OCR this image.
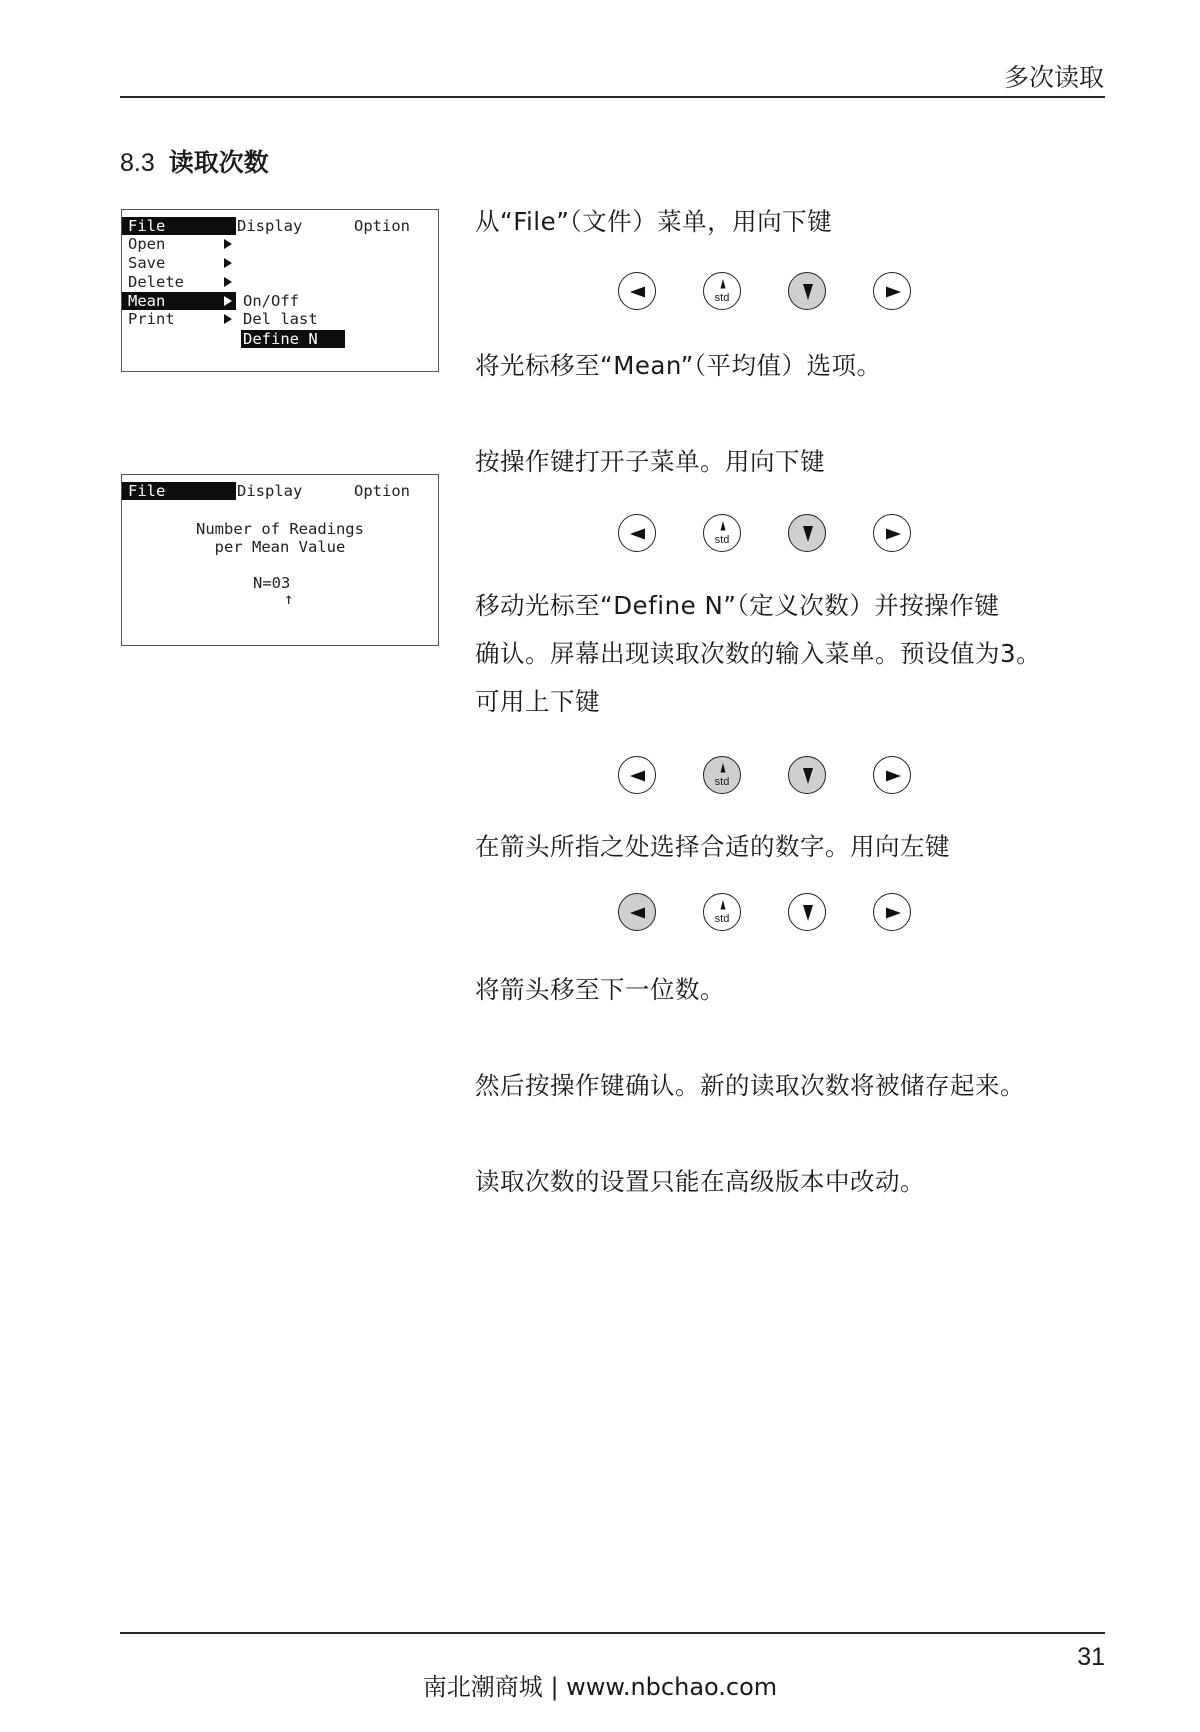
多次读取
8.3 读取次数
File	Display	Option
Open
Save
Delete
Mean
Print
On/Off
Del last
Define N
File	Display	Option
Number of Readings
per Mean Value
N=03
↑
从“File”（文件）菜单，用向下键
将光标移至“Mean”（平均值）选项。
按操作键打开子菜单。用向下键
移动光标至“Define N”（定义次数）并按操作键
确认。屏幕出现读取次数的输入菜单。预设值为3。
可用上下键
在箭头所指之处选择合适的数字。用向左键
将箭头移至下一位数。
然后按操作键确认。新的读取次数将被储存起来。
读取次数的设置只能在高级版本中改动。
std
std
std
std
31
南北潮商城 | www.nbchao.com
